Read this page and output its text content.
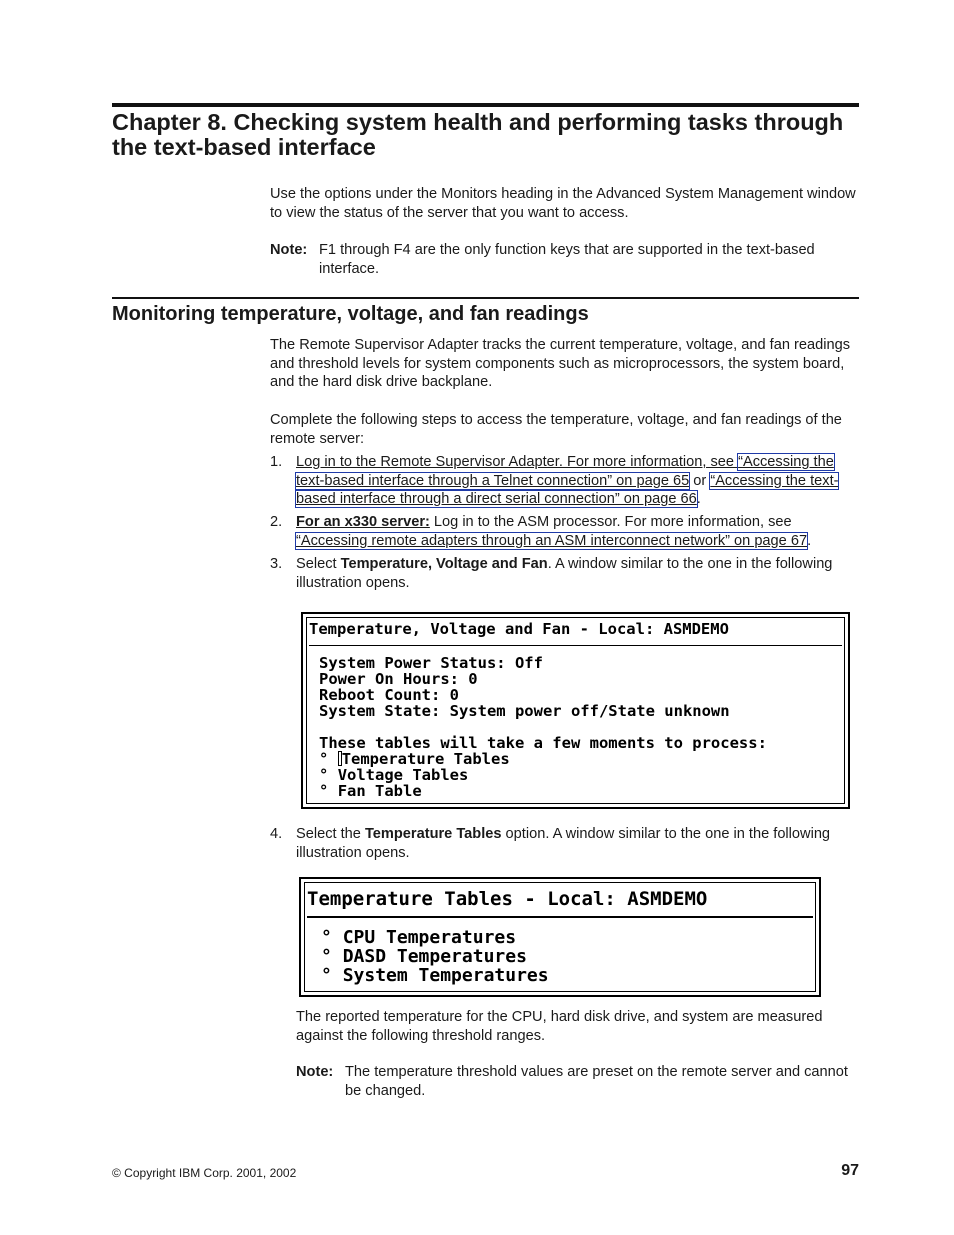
Chapter 8. Checking system health and performing tasks through the text-based interface

Use the options under the Monitors heading in the Advanced System Management window to view the status of the server that you want to access.

Note: F1 through F4 are the only function keys that are supported in the text-based interface.
Monitoring temperature, voltage, and fan readings

The Remote Supervisor Adapter tracks the current temperature, voltage, and fan readings and threshold levels for system components such as microprocessors, the system board, and the hard disk drive backplane.

Complete the following steps to access the temperature, voltage, and fan readings of the remote server:

1. Log in to the Remote Supervisor Adapter. For more information, see “Accessing the text-based interface through a Telnet connection” on page 65 or “Accessing the text-based interface through a direct serial connection” on page 66.
2. For an x330 server: Log in to the ASM processor. For more information, see “Accessing remote adapters through an ASM interconnect network” on page 67.
3. Select Temperature, Voltage and Fan. A window similar to the one in the following illustration opens.
Temperature, Voltage and Fan - Local: ASMDEMO
System Power Status: Off
Power On Hours: 0
Reboot Count: 0
System State: System power off/State unknown
These tables will take a few moments to process:
° Temperature Tables
° Voltage Tables
° Fan Table
4. Select the Temperature Tables option. A window similar to the one in the following illustration opens.
Temperature Tables - Local: ASMDEMO
° CPU Temperatures
° DASD Temperatures
° System Temperatures

The reported temperature for the CPU, hard disk drive, and system are measured against the following threshold ranges.

Note: The temperature threshold values are preset on the remote server and cannot be changed.
© Copyright IBM Corp. 2001, 2002	97
